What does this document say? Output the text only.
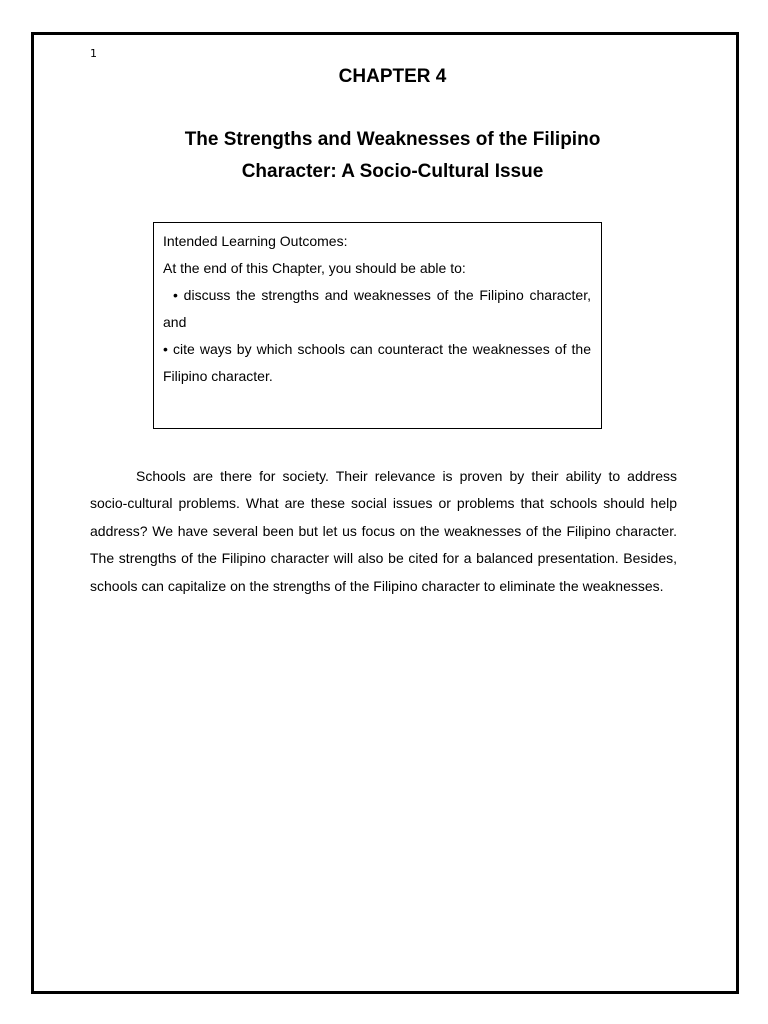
1
CHAPTER 4
The Strengths and Weaknesses of the Filipino
Character: A Socio-Cultural Issue

Intended Learning Outcomes:

At the end of this Chapter, you should be able to:

• discuss the strengths and weaknesses of the Filipino character, and

• cite ways by which schools can counteract the weaknesses of the Filipino character.

Schools are there for society. Their relevance is proven by their ability to address socio-cultural problems. What are these social issues or problems that schools should help address? We have several been but let us focus on the weaknesses of the Filipino character. The strengths of the Filipino character will also be cited for a balanced presentation. Besides, schools can capitalize on the strengths of the Filipino character to eliminate the weaknesses.
